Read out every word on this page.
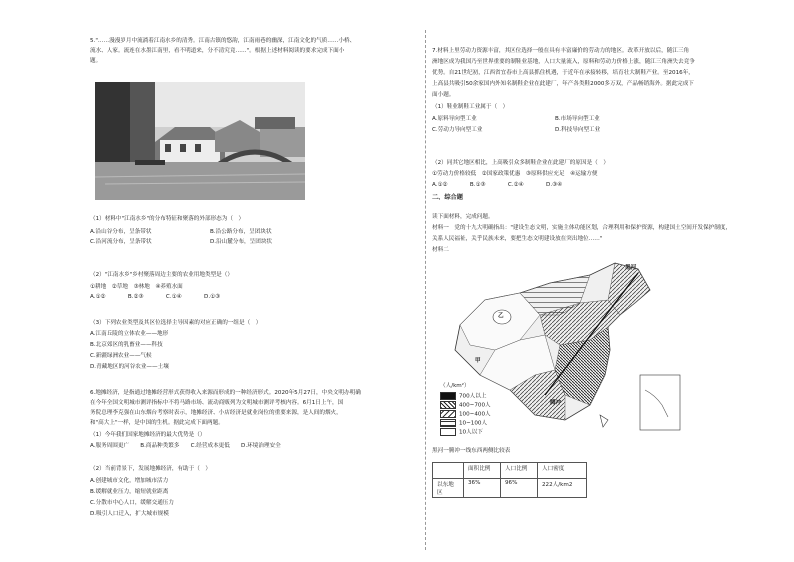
5."……漫漫岁月中流淌着江南水乡的清秀。江南古镇的悠韵，江南雨巷的幽深，江南文化的气质……小桥、
流水、人家。流连在水墨江南里，看不明道来，分不清究竟……"。根据上述材料阅读的要求完成下面小
题。
（1）材料中"江南水乡"的分布特征和聚落的外部形态为（　）
A.沿山谷分布，呈条带状	B.沿公路分布，呈团块状
C.沿河流分布，呈条带状	D.沿山麓分布，呈团块状
（2）"江南水乡"乡村聚落周边主要的农业用地类型是（）
①耕地　②草地　③林地　④养殖水面
A.①②　　　　B.②③　　　　C.①④　　　　D.①③
（3）下列农业类型及其区位选择主导因素的对应正确的一组是（　）
A.江南丘陵的立体农业——地形
B.北京郊区的乳畜业——科技
C.新疆绿洲农业——气候
D.青藏地区的河谷农业——土壤
6.地摊经济，是指通过地摊经营形式获得收入来源而形成的一种经济形式。2020年5月27日，中央文明办明确
在今年全国文明城市测评指标中不将马路市场、流动商贩列为文明城市测评考核内容。6月1日上午，国
务院总理李克强在山东烟台考察时表示，地摊经济、小店经济是就业岗位的重要来源，是人间的烟火，
和"高大上"一样，是中国的生机。据此完成下面两题。
（1）今年我们国家地摊经济的最大优势是（）
A.服务周围更广　　B.商品种类繁多　　C.经营成本更低　　D.环境治理安全
（2）当前背景下，发展地摊经济，有助于（　）
A.创建城市文化，增加城市活力
B.缓解就业压力，缩短就业距离
C.分散市中心人口，缓解交通压力
D.吸引人口迁入，扩大城市规模
7.材料上里劳动力资源丰富，其区位选择一般在具有丰富廉价的劳动力的地区。改革开放以后，随江三角
洲地区成为我国乃至世界重要的制鞋业基地，人口大量流入，原料和劳动力价格上涨，随江三角洲失去竞争
优势。自21世纪初，江西省宜春市上高县抓住机遇，于近年在承接转移，培育壮大制鞋产业。至2016年，
上高县共吸引50余家国内外知名制鞋企业在此建厂，年产各类鞋2000多万双，产品畅销海外。据此完成下
面小题。
（1）鞋业制鞋工业属于（　）
A.原料导向型工业	B.市场导向型工业
C.劳动力导向型工业	D.科技导向型工业
（2）同其它地区相比，上高吸引众多制鞋企业在此建厂的原因是（　）
①劳动力价格较低　②国家政策优惠　③原料供应充足　④运输方便
A.①②　　　　B.①③　　　　C.②④　　　　D.③④
二、综合题
读下面材料，完成问题。
材料一　党的十九大明确指出："建设生态文明，实施主体功能区划，合理利用和保护资源，构建国土空间开发保护制度，
关系人民福祉，关乎民族未来，要把生态文明建设放在突出地位……"
材料二
黑河
腾冲
乙
甲
（人/km²）
700人以上
400~700人
100~400人
10~100人
10人以下
黑河一腾冲一线东西两侧比较表
	面积比例	人口比例	人口密度
以东地区	36%	96%	222人/km2
